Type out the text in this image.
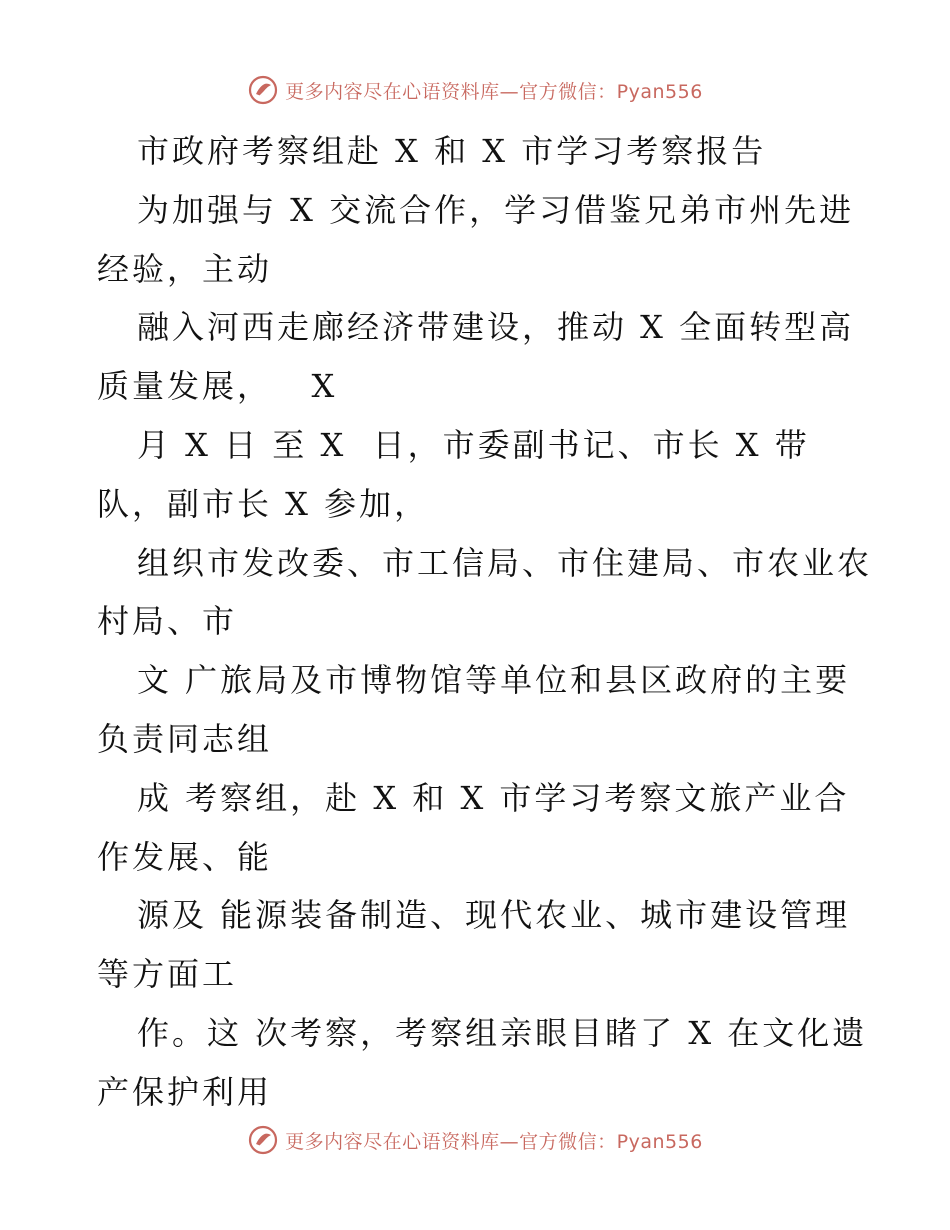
更多内容尽在心语资料库—官方微信：Pyan556
市政府考察组赴 X 和 X 市学习考察报告
为加强与 X 交流合作，学习借鉴兄弟市州先进
经验，主动
融入河西走廊经济带建设，推动 X 全面转型高
质量发展，   X
月 X 日 至 X  日，市委副书记、市长 X 带
队，副市长 X 参加，
组织市发改委、市工信局、市住建局、市农业农
村局、市
文 广旅局及市博物馆等单位和县区政府的主要
负责同志组
成 考察组，赴 X 和 X 市学习考察文旅产业合
作发展、能
源及 能源装备制造、现代农业、城市建设管理
等方面工
作。这 次考察，考察组亲眼目睹了 X 在文化遗
产保护利用
更多内容尽在心语资料库—官方微信：Pyan556
